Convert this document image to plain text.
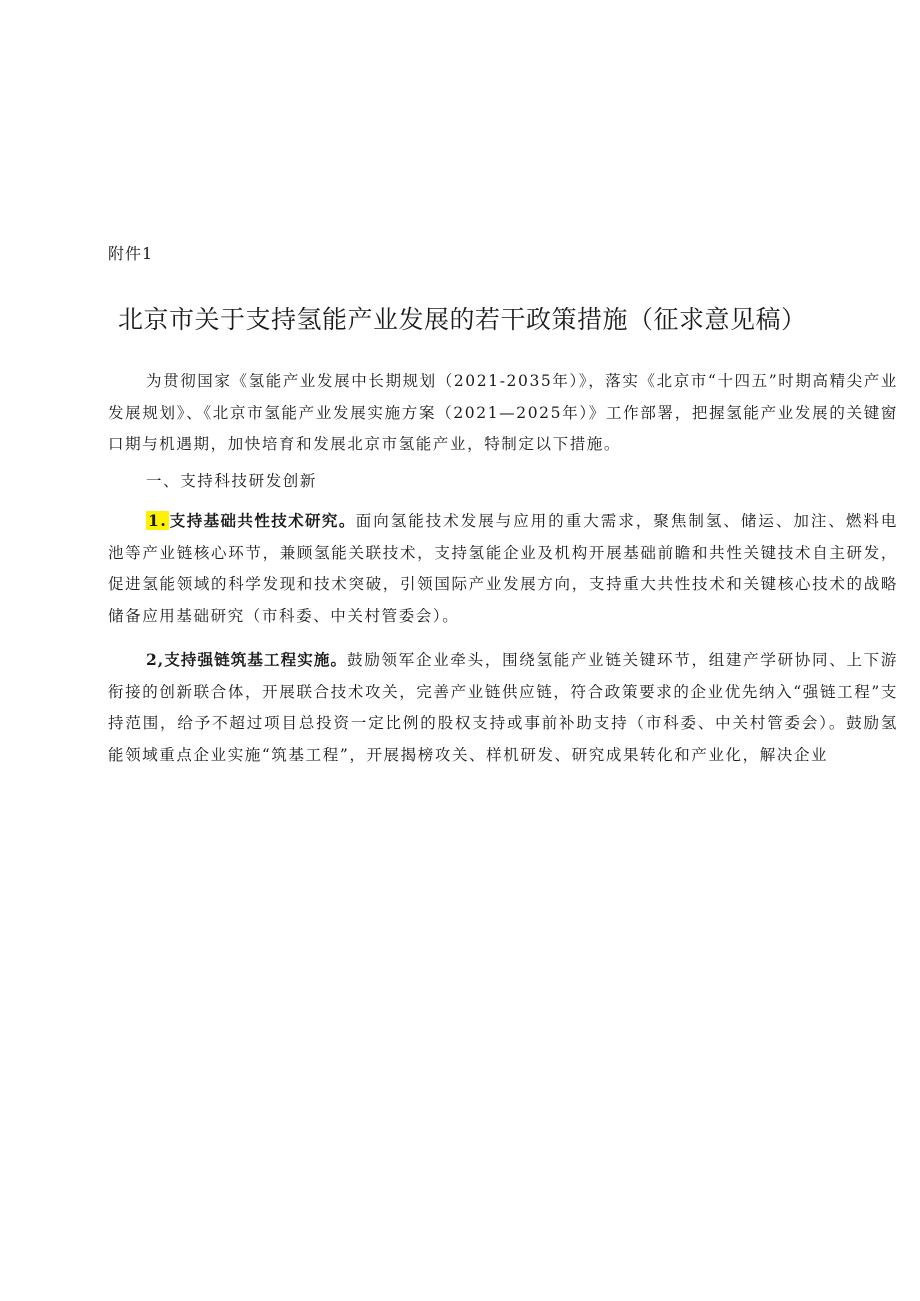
附件1
北京市关于支持氢能产业发展的若干政策措施（征求意见稿）

为贯彻国家《氢能产业发展中长期规划（2021-2035年）》，落实《北京市“十四五”时期高精尖产业发展规划》、《北京市氢能产业发展实施方案（2021—2025年）》工作部署，把握氢能产业发展的关键窗口期与机遇期，加快培育和发展北京市氢能产业，特制定以下措施。

一、支持科技研发创新

1. 支持基础共性技术研究。面向氢能技术发展与应用的重大需求，聚焦制氢、储运、加注、燃料电池等产业链核心环节，兼顾氢能关联技术，支持氢能企业及机构开展基础前瞻和共性关键技术自主研发，促进氢能领域的科学发现和技术突破，引领国际产业发展方向，支持重大共性技术和关键核心技术的战略储备应用基础研究（市科委、中关村管委会）。

2,支持强链筑基工程实施。鼓励领军企业牵头，围绕氢能产业链关键环节，组建产学研协同、上下游衔接的创新联合体，开展联合技术攻关，完善产业链供应链，符合政策要求的企业优先纳入“强链工程”支持范围，给予不超过项目总投资一定比例的股权支持或事前补助支持（市科委、中关村管委会）。鼓励氢能领域重点企业实施“筑基工程”，开展揭榜攻关、样机研发、研究成果转化和产业化，解决企业
